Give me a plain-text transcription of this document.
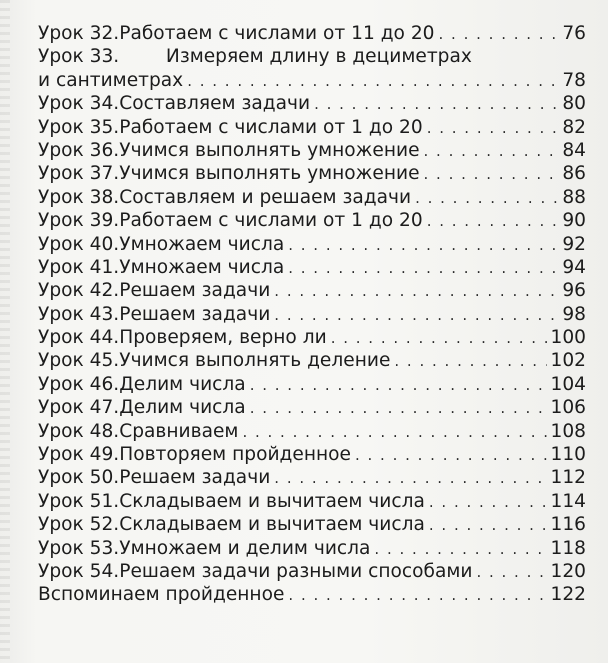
Урок 32. Работаем с числами от 11 до 20 . . .	76
Урок 33.	Измеряем длину в дециметрах
и сантиметрах . . .	78
Урок 34. Составляем задачи . . .	80
Урок 35. Работаем с числами от 1 до 20 . . .	82
Урок 36. Учимся выполнять умножение . . .	84
Урок 37. Учимся выполнять умножение . . .	86
Урок 38. Составляем и решаем задачи . . .	88
Урок 39. Работаем с числами от 1 до 20 . . .	90
Урок 40. Умножаем числа . . .	92
Урок 41. Умножаем числа . . .	94
Урок 42. Решаем задачи . . .	96
Урок 43. Решаем задачи . . .	98
Урок 44. Проверяем, верно ли . . .	100
Урок 45. Учимся выполнять деление . . .	102
Урок 46. Делим числа . . .	104
Урок 47. Делим числа . . .	106
Урок 48. Сравниваем . . .	108
Урок 49. Повторяем пройденное . . .	110
Урок 50. Решаем задачи . . .	112
Урок 51. Складываем и вычитаем числа . . .	114
Урок 52. Складываем и вычитаем числа . . .	116
Урок 53. Умножаем и делим числа . . .	118
Урок 54. Решаем задачи разными способами . . .	120
Вспоминаем пройденное . . .	122
